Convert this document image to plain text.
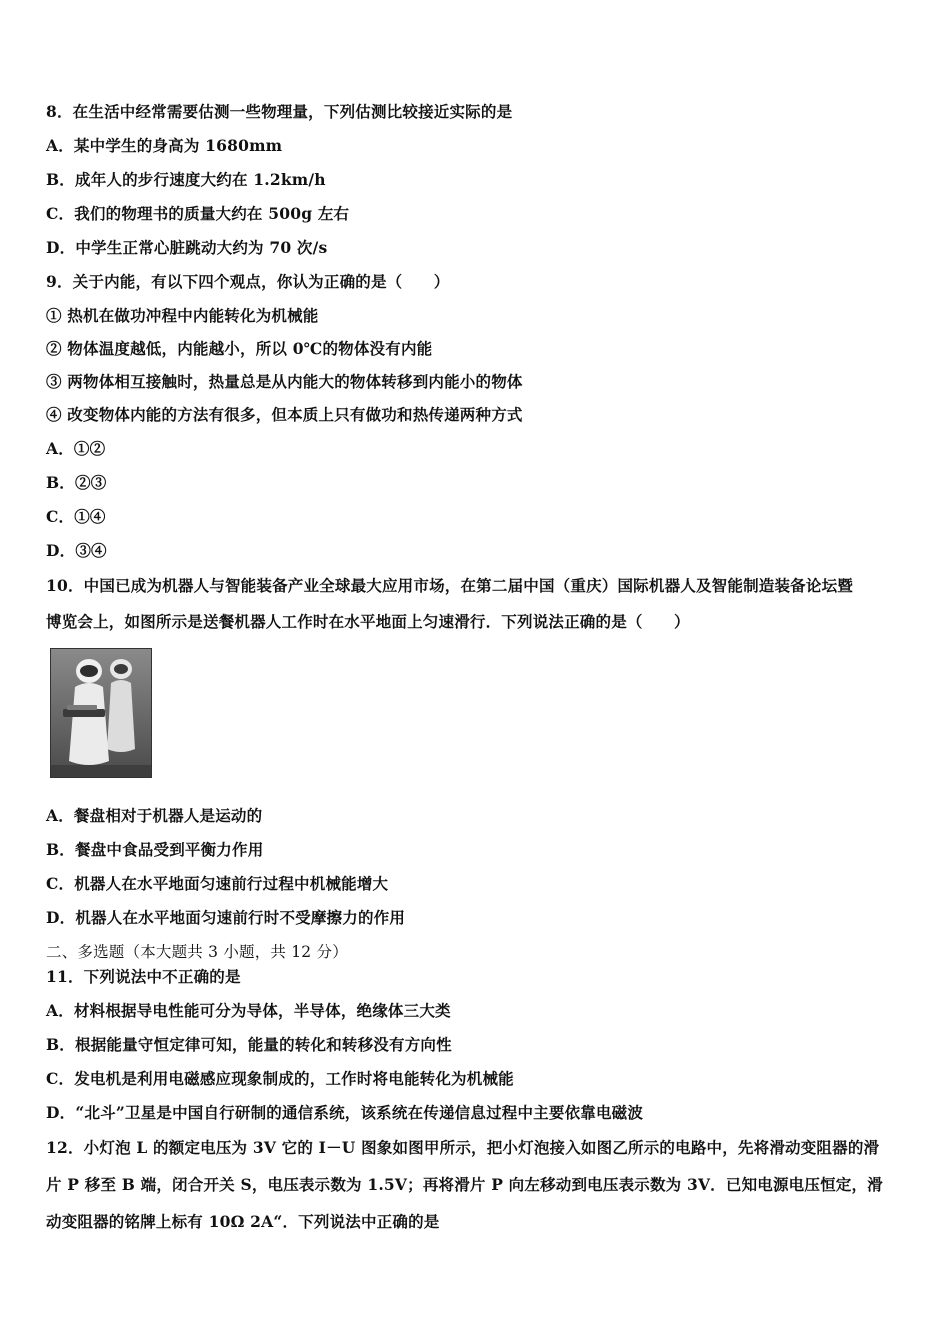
8．在生活中经常需要估测一些物理量，下列估测比较接近实际的是
A．某中学生的身高为 1680mm
B．成年人的步行速度大约在 1.2km/h
C．我们的物理书的质量大约在 500g 左右
D．中学生正常心脏跳动大约为 70 次/s
9．关于内能，有以下四个观点，你认为正确的是（　　）
① 热机在做功冲程中内能转化为机械能
② 物体温度越低，内能越小，所以 0℃的物体没有内能
③ 两物体相互接触时，热量总是从内能大的物体转移到内能小的物体
④ 改变物体内能的方法有很多，但本质上只有做功和热传递两种方式
A．①②
B．②③
C．①④
D．③④
10．中国已成为机器人与智能装备产业全球最大应用市场，在第二届中国（重庆）国际机器人及智能制造装备论坛暨
博览会上，如图所示是送餐机器人工作时在水平地面上匀速滑行．下列说法正确的是（　　）
A．餐盘相对于机器人是运动的
B．餐盘中食品受到平衡力作用
C．机器人在水平地面匀速前行过程中机械能增大
D．机器人在水平地面匀速前行时不受摩擦力的作用
二、多选题（本大题共 3 小题，共 12 分）
11．下列说法中不正确的是
A．材料根据导电性能可分为导体，半导体，绝缘体三大类
B．根据能量守恒定律可知，能量的转化和转移没有方向性
C．发电机是利用电磁感应现象制成的，工作时将电能转化为机械能
D．“北斗”卫星是中国自行研制的通信系统，该系统在传递信息过程中主要依靠电磁波
12．小灯泡 L 的额定电压为 3V 它的 I－U 图象如图甲所示，把小灯泡接入如图乙所示的电路中，先将滑动变阻器的滑
片 P 移至 B 端，闭合开关 S，电压表示数为 1.5V；再将滑片 P 向左移动到电压表示数为 3V．已知电源电压恒定，滑
动变阻器的铭牌上标有 10Ω 2A“．下列说法中正确的是
